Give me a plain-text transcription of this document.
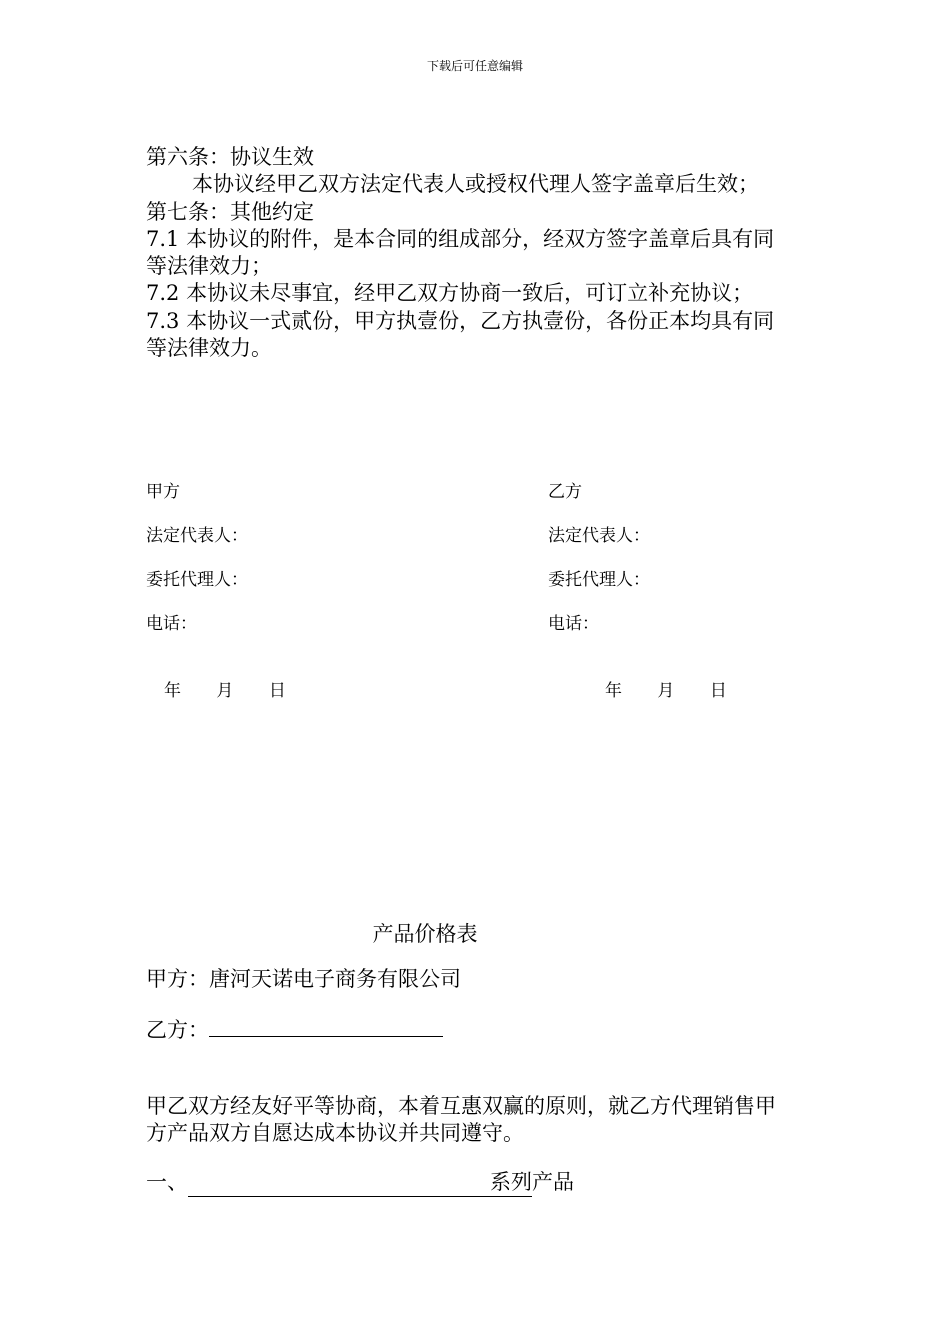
下载后可任意编辑
第六条：协议生效
本协议经甲乙双方法定代表人或授权代理人签字盖章后生效；
第七条：其他约定
7.1 本协议的附件，是本合同的组成部分，经双方签字盖章后具有同等法律效力；
7.2 本协议未尽事宜，经甲乙双方协商一致后，可订立补充协议；
7.3 本协议一式贰份，甲方执壹份，乙方执壹份，各份正本均具有同等法律效力。
甲方	乙方
法定代表人：	法定代表人：
委托代理人：	委托代理人：
电话：	电话：
年 月 日	年 月 日
产品价格表
甲方：唐河天诺电子商务有限公司
乙方：
甲乙双方经友好平等协商，本着互惠双赢的原则，就乙方代理销售甲方产品双方自愿达成本协议并共同遵守。
一、	系列产品
